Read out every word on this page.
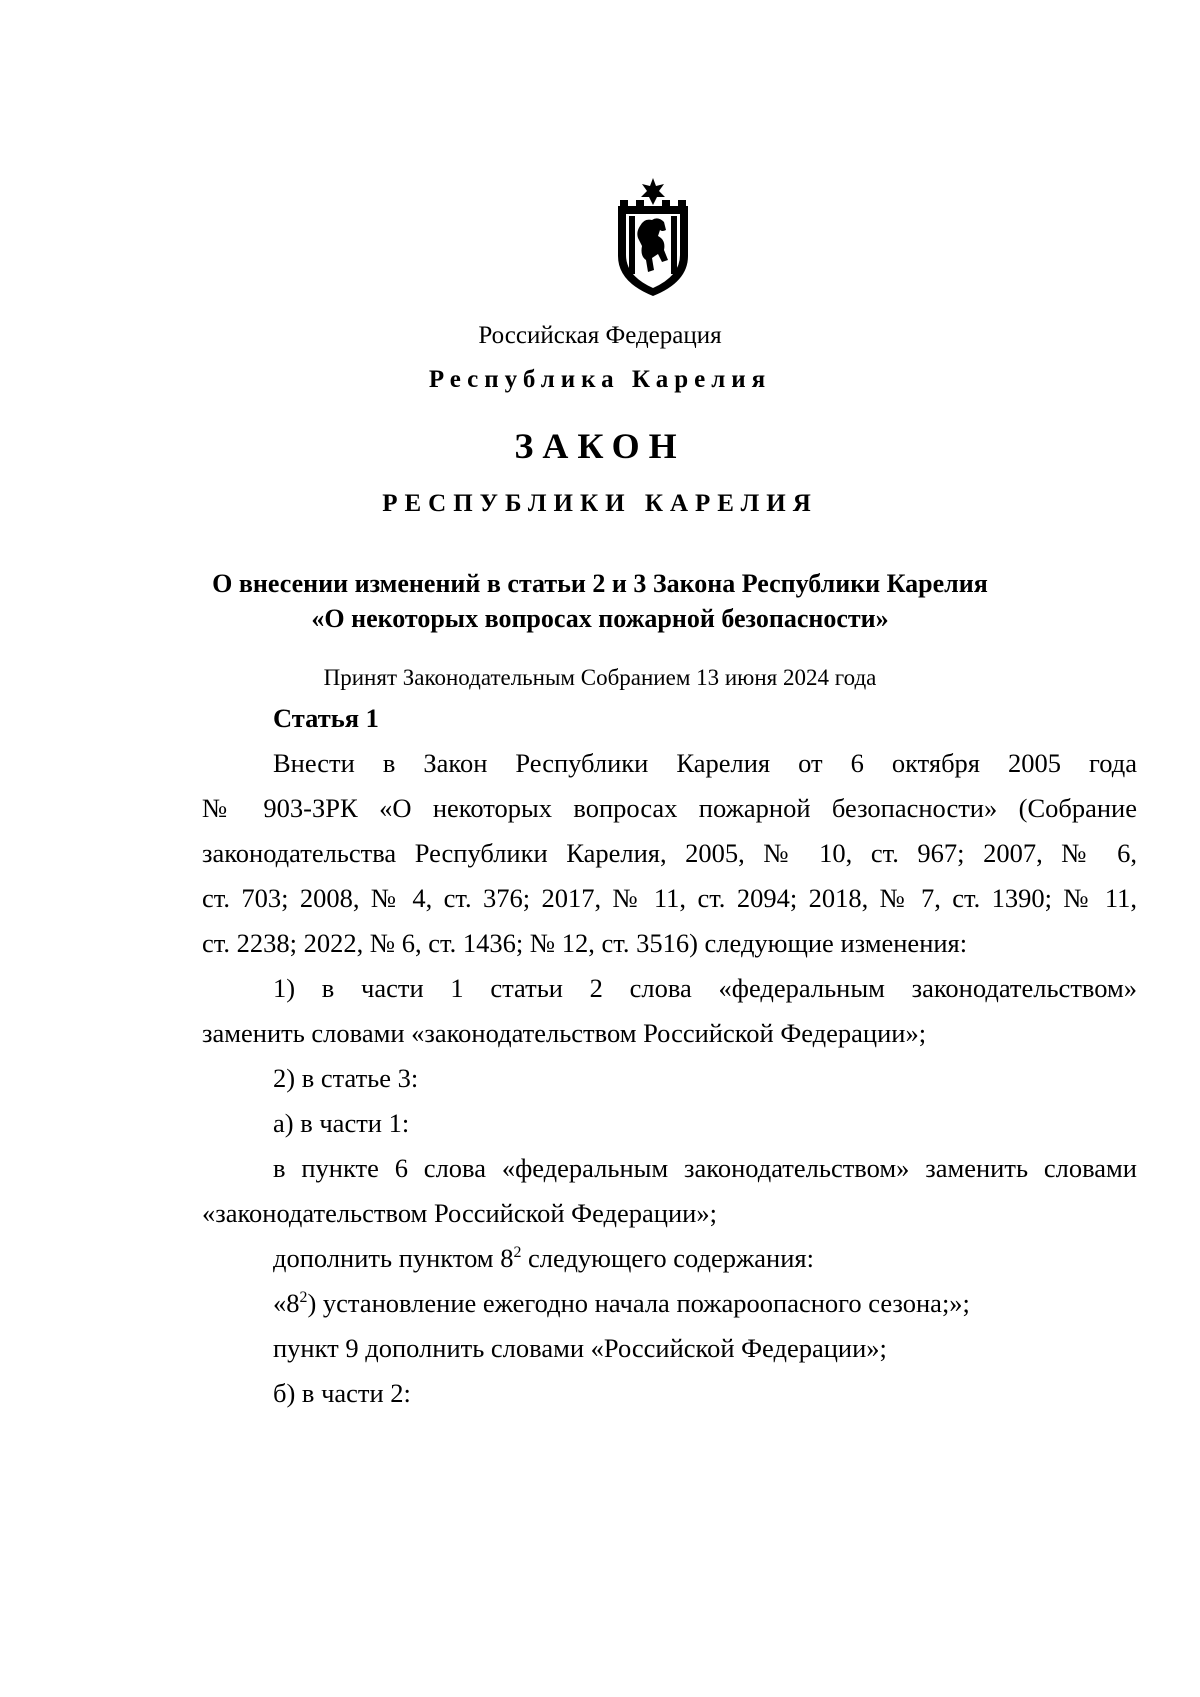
Российская Федерация

Республика Карелия

ЗАКОН

РЕСПУБЛИКИ КАРЕЛИЯ

О внесении изменений в статьи 2 и 3 Закона Республики Карелия

«О некоторых вопросах пожарной безопасности»

Принят Законодательным Собранием 13 июня 2024 года

Статья 1

Внести в Закон Республики Карелия от 6 октября 2005 года

№ 903-ЗРК «О некоторых вопросах пожарной безопасности» (Собрание

законодательства Республики Карелия, 2005, № 10, ст. 967; 2007, № 6,

ст. 703; 2008, № 4, ст. 376; 2017, № 11, ст. 2094; 2018, № 7, ст. 1390; № 11,

ст. 2238; 2022, № 6, ст. 1436; № 12, ст. 3516) следующие изменения:

1) в части 1 статьи 2 слова «федеральным законодательством»

заменить словами «законодательством Российской Федерации»;

2) в статье 3:

а) в части 1:

в пункте 6 слова «федеральным законодательством» заменить словами

«законодательством Российской Федерации»;

дополнить пунктом $8^2$ следующего содержания:

«$8^2$) установление ежегодно начала пожароопасного сезона;»;

пункт 9 дополнить словами «Российской Федерации»;

б) в части 2:
